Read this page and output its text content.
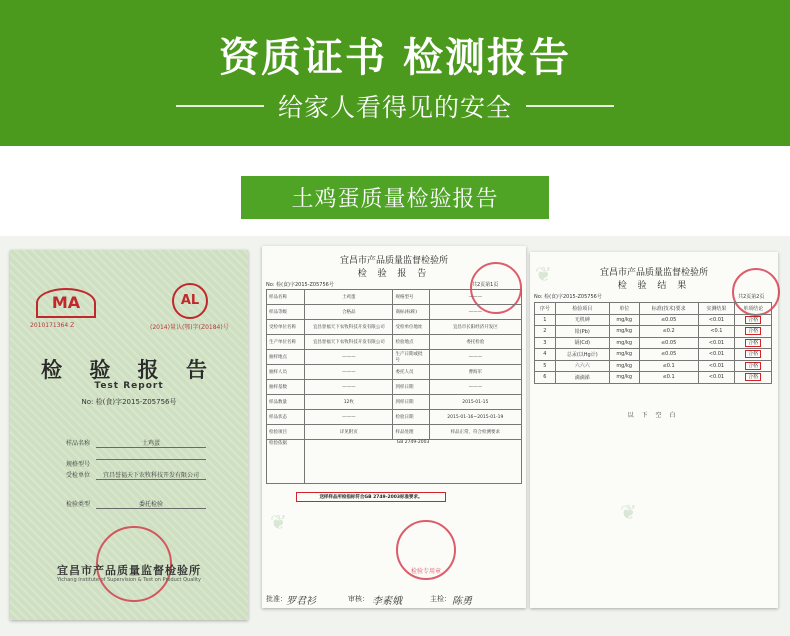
资质证书 检测报告
给家人看得见的安全
土鸡蛋质量检验报告
MA	AL
2010171364 Z	(2014)量认(鄂)字(Z0184)号
检 验 报 告
Test Report
No: 检(食)字2015-Z05756号
样品名称	土鸡蛋
规格型号
受检单位	宜昌誉福天下农牧科技开发有限公司
检验类型	委托检验
宜昌市产品质量监督检验所
Yichang Institute of Supervision & Test on Product Quality
宜昌市产品质量监督检验所
检 验 报 告
No: 检(食)字2015-Z05756号	共2页第1页
样品名称	土鸡蛋	规格型号	———
样品等级	合格品	商标(标称)	———
受检单位名称	宜昌誉福天下农牧科技开发有限公司	受检单位地址	宜昌市长阳经济开发区
生产单位名称	宜昌誉福天下农牧科技开发有限公司	检验地点	委托检验
抽样地点	———	生产日期或批号	———
抽样人员	———	委托人员	曹海军
抽样基数	———	到样日期	———
样品数量	12枚	到样日期	2015-01-15
样品状态	———	检验日期	2015-01-16~2015-01-19
检验项目	详见附页	样品处理	样品正常，符合检测要求
检验依据	GB 2749-2003		
送样样品所检指标符合GB 2749-2003标准要求。
检验专用章
批准： 罗君衫	审核： 李素娥	主检： 陈勇
宜昌市产品质量监督检验所
检 验 结 果
No: 检(食)字2015-Z05756号	共2页第2页
序号	检验项目	单位	标准(技术)要求	实测结果	单项结论
1	无机砷	mg/kg	≤0.05	<0.01	合格
2	铅(Pb)	mg/kg	≤0.2	<0.1	合格
3	镉(Cd)	mg/kg	≤0.05	<0.01	合格
4	总汞(以Hg计)	mg/kg	≤0.05	<0.01	合格
5	六六六	mg/kg	≤0.1	<0.01	合格
6	滴滴涕	mg/kg	≤0.1	<0.01	合格
以 下 空 白
❦
❦
❦
